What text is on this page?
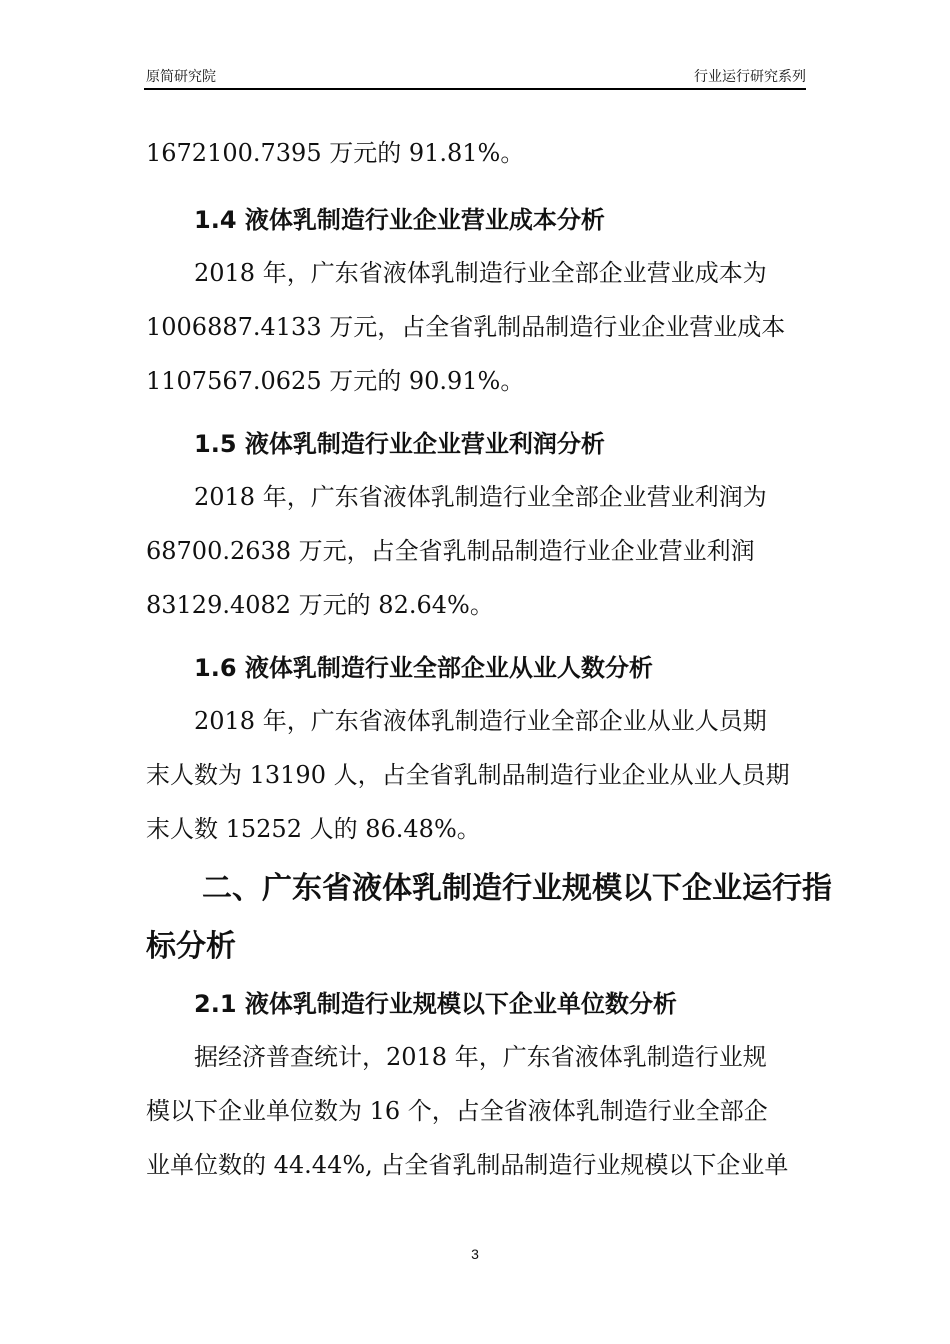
原简研究院	行业运行研究系列
1672100.7395 万元的 91.81%。
1.4 液体乳制造行业企业营业成本分析
2018 年，广东省液体乳制造行业全部企业营业成本为
1006887.4133 万元，占全省乳制品制造行业企业营业成本
1107567.0625 万元的 90.91%。
1.5 液体乳制造行业企业营业利润分析
2018 年，广东省液体乳制造行业全部企业营业利润为
68700.2638 万元，占全省乳制品制造行业企业营业利润
83129.4082 万元的 82.64%。
1.6 液体乳制造行业全部企业从业人数分析
2018 年，广东省液体乳制造行业全部企业从业人员期
末人数为 13190 人，占全省乳制品制造行业企业从业人员期
末人数 15252 人的 86.48%。
二、广东省液体乳制造行业规模以下企业运行指
标分析
2.1 液体乳制造行业规模以下企业单位数分析
据经济普查统计，2018 年，广东省液体乳制造行业规
模以下企业单位数为 16 个，占全省液体乳制造行业全部企
业单位数的 44.44%, 占全省乳制品制造行业规模以下企业单
3
